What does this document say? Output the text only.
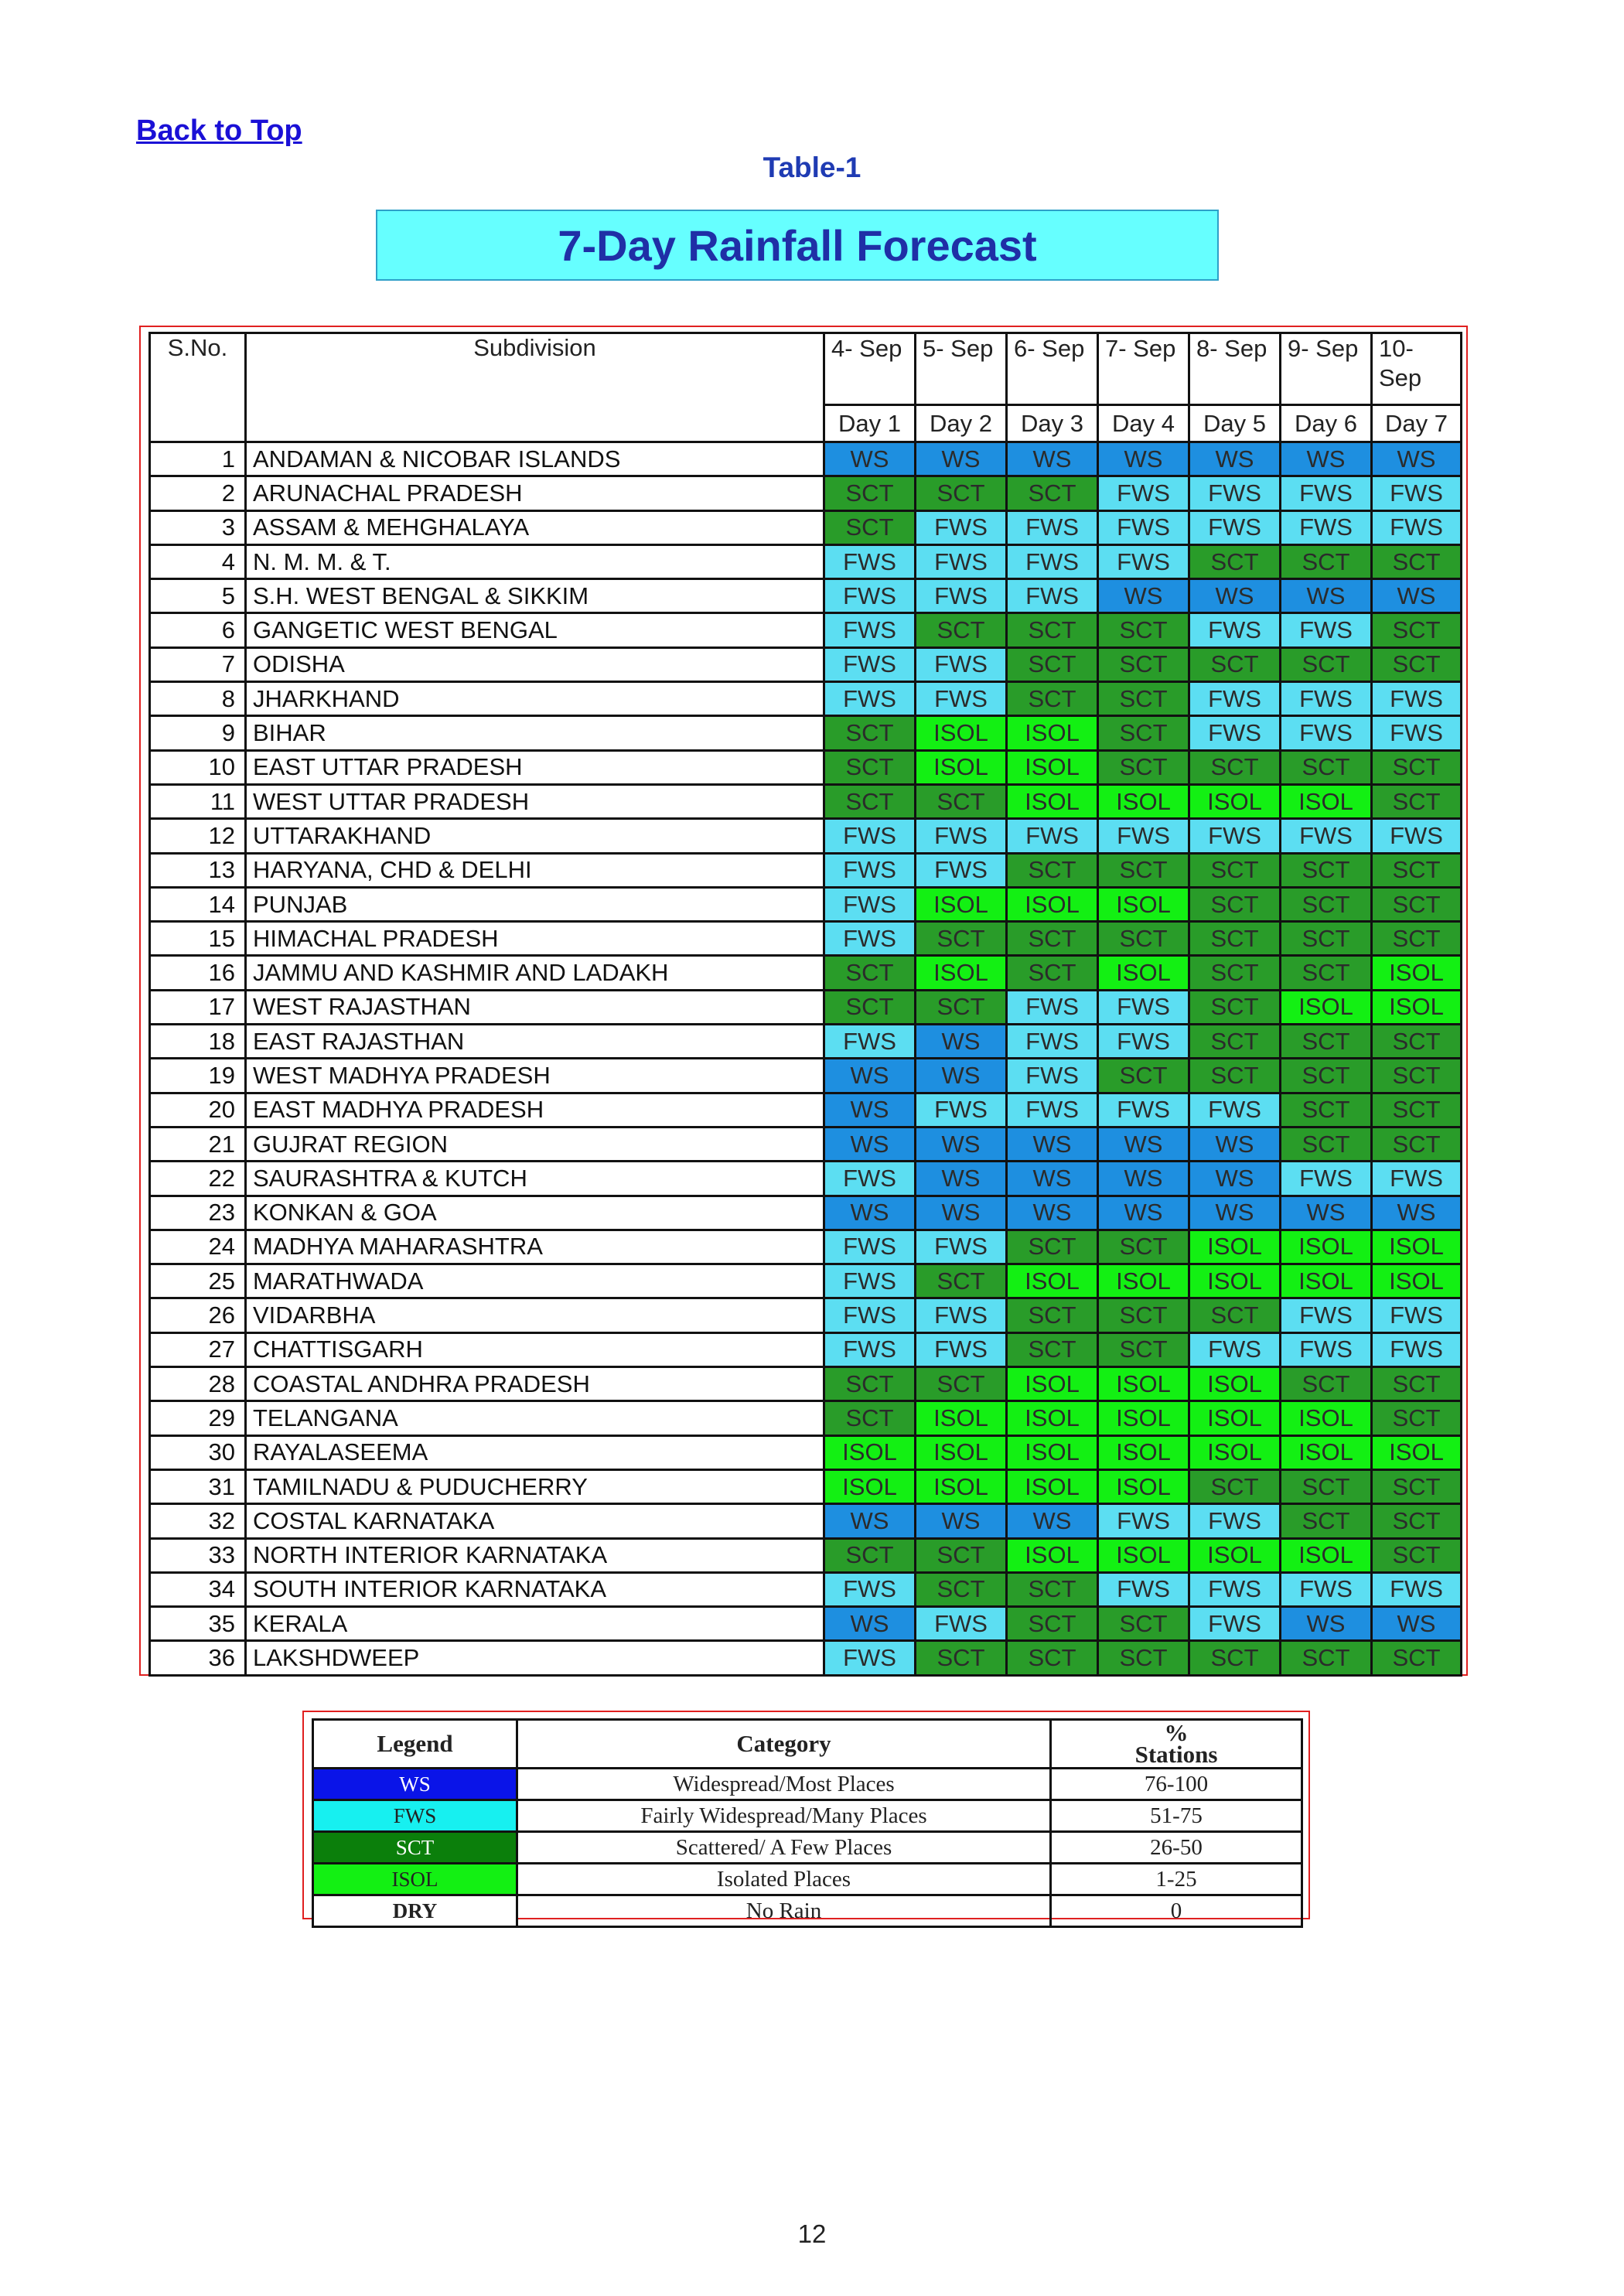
Back to Top
Table-1
7-Day Rainfall Forecast
S.No.	Subdivision	4- Sep	5- Sep	6- Sep	7- Sep	8- Sep	9- Sep	10- Sep
		Day 1	Day 2	Day 3	Day 4	Day 5	Day 6	Day 7
1	ANDAMAN & NICOBAR ISLANDS	WS	WS	WS	WS	WS	WS	WS
2	ARUNACHAL PRADESH	SCT	SCT	SCT	FWS	FWS	FWS	FWS
3	ASSAM & MEHGHALAYA	SCT	FWS	FWS	FWS	FWS	FWS	FWS
4	N. M. M. & T.	FWS	FWS	FWS	FWS	SCT	SCT	SCT
5	S.H. WEST BENGAL & SIKKIM	FWS	FWS	FWS	WS	WS	WS	WS
6	GANGETIC WEST BENGAL	FWS	SCT	SCT	SCT	FWS	FWS	SCT
7	ODISHA	FWS	FWS	SCT	SCT	SCT	SCT	SCT
8	JHARKHAND	FWS	FWS	SCT	SCT	FWS	FWS	FWS
9	BIHAR	SCT	ISOL	ISOL	SCT	FWS	FWS	FWS
10	EAST UTTAR PRADESH	SCT	ISOL	ISOL	SCT	SCT	SCT	SCT
11	WEST UTTAR PRADESH	SCT	SCT	ISOL	ISOL	ISOL	ISOL	SCT
12	UTTARAKHAND	FWS	FWS	FWS	FWS	FWS	FWS	FWS
13	HARYANA, CHD & DELHI	FWS	FWS	SCT	SCT	SCT	SCT	SCT
14	PUNJAB	FWS	ISOL	ISOL	ISOL	SCT	SCT	SCT
15	HIMACHAL PRADESH	FWS	SCT	SCT	SCT	SCT	SCT	SCT
16	JAMMU AND KASHMIR AND LADAKH	SCT	ISOL	SCT	ISOL	SCT	SCT	ISOL
17	WEST RAJASTHAN	SCT	SCT	FWS	FWS	SCT	ISOL	ISOL
18	EAST RAJASTHAN	FWS	WS	FWS	FWS	SCT	SCT	SCT
19	WEST MADHYA PRADESH	WS	WS	FWS	SCT	SCT	SCT	SCT
20	EAST MADHYA PRADESH	WS	FWS	FWS	FWS	FWS	SCT	SCT
21	GUJRAT REGION	WS	WS	WS	WS	WS	SCT	SCT
22	SAURASHTRA & KUTCH	FWS	WS	WS	WS	WS	FWS	FWS
23	KONKAN & GOA	WS	WS	WS	WS	WS	WS	WS
24	MADHYA MAHARASHTRA	FWS	FWS	SCT	SCT	ISOL	ISOL	ISOL
25	MARATHWADA	FWS	SCT	ISOL	ISOL	ISOL	ISOL	ISOL
26	VIDARBHA	FWS	FWS	SCT	SCT	SCT	FWS	FWS
27	CHATTISGARH	FWS	FWS	SCT	SCT	FWS	FWS	FWS
28	COASTAL ANDHRA PRADESH	SCT	SCT	ISOL	ISOL	ISOL	SCT	SCT
29	TELANGANA	SCT	ISOL	ISOL	ISOL	ISOL	ISOL	SCT
30	RAYALASEEMA	ISOL	ISOL	ISOL	ISOL	ISOL	ISOL	ISOL
31	TAMILNADU & PUDUCHERRY	ISOL	ISOL	ISOL	ISOL	SCT	SCT	SCT
32	COSTAL KARNATAKA	WS	WS	WS	FWS	FWS	SCT	SCT
33	NORTH INTERIOR KARNATAKA	SCT	SCT	ISOL	ISOL	ISOL	ISOL	SCT
34	SOUTH INTERIOR KARNATAKA	FWS	SCT	SCT	FWS	FWS	FWS	FWS
35	KERALA	WS	FWS	SCT	SCT	FWS	WS	WS
36	LAKSHDWEEP	FWS	SCT	SCT	SCT	SCT	SCT	SCT
Legend	Category	%
Stations
WS	Widespread/Most Places	76-100
FWS	Fairly Widespread/Many Places	51-75
SCT	Scattered/ A Few Places	26-50
ISOL	Isolated Places	1-25
DRY	No Rain	0
12
